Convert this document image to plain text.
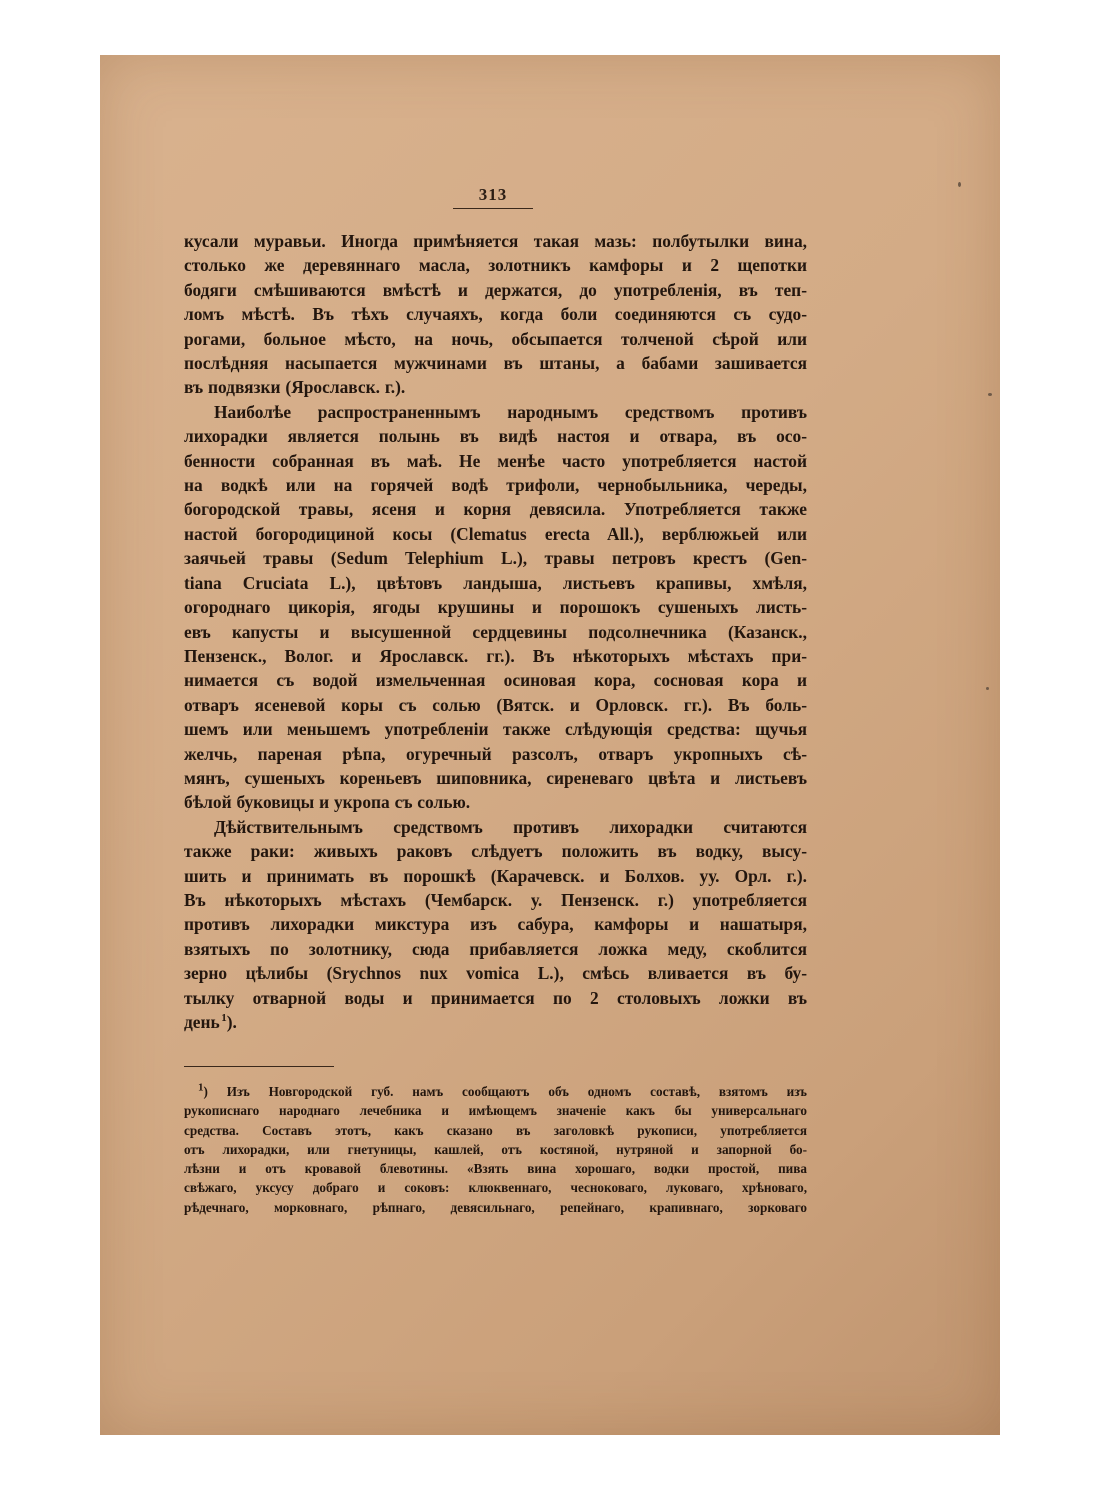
313

кусали муравьи. Иногда примѣняется такая мазь: полбутылки вина,
столько же деревяннаго масла, золотникъ камфоры и 2 щепотки
бодяги смѣшиваются вмѣстѣ и держатся, до употребленія, въ теп-
ломъ мѣстѣ. Въ тѣхъ случаяхъ, когда боли соединяются съ судо-
рогами, больное мѣсто, на ночь, обсыпается толченой сѣрой или
послѣдняя насыпается мужчинами въ штаны, а бабами зашивается
въ подвязки (Ярославск. г.).

Наиболѣе распространеннымъ народнымъ средствомъ противъ
лихорадки является полынь въ видѣ настоя и отвара, въ осо-
бенности собранная въ маѣ. Не менѣе часто употребляется настой
на водкѣ или на горячей водѣ трифоли, чернобыльника, череды,
богородской травы, ясеня и корня девясила. Употребляется также
настой богородициной косы (Clematus erecta All.), верблюжьей или
заячьей травы (Sedum Telephium L.), травы петровъ крестъ (Gen-
tiana Cruciata L.), цвѣтовъ ландыша, листьевъ крапивы, хмѣля,
огороднаго цикорія, ягоды крушины и порошокъ сушеныхъ листь-
евъ капусты и высушенной сердцевины подсолнечника (Казанск.,
Пензенск., Волог. и Ярославск. гг.). Въ нѣкоторыхъ мѣстахъ при-
нимается съ водой измельченная осиновая кора, сосновая кора и
отваръ ясеневой коры съ солью (Вятск. и Орловск. гг.). Въ боль-
шемъ или меньшемъ употребленіи также слѣдующія средства: щучья
желчь, пареная рѣпа, огуречный разсолъ, отваръ укропныхъ сѣ-
мянъ, сушеныхъ кореньевъ шиповника, сиреневаго цвѣта и листьевъ
бѣлой буковицы и укропа съ солью.

Дѣйствительнымъ средствомъ противъ лихорадки считаются
также раки: живыхъ раковъ слѣдуетъ положить въ водку, высу-
шить и принимать въ порошкѣ (Карачевск. и Болхов. уу. Орл. г.).
Въ нѣкоторыхъ мѣстахъ (Чембарск. у. Пензенск. г.) употребляется
противъ лихорадки микстура изъ сабура, камфоры и нашатыря,
взятыхъ по золотнику, сюда прибавляется ложка меду, скоблится
зерно цѣлибы (Srychnos nux vomica L.), смѣсь вливается въ бу-
тылку отварной воды и принимается по 2 столовыхъ ложки въ
день $^1$).

$^1$) Изъ Новгородской губ. намъ сообщаютъ объ одномъ составѣ, взятомъ изъ
рукописнаго народнаго лечебника и имѣющемъ значеніе какъ бы универсальнаго
средства. Составъ этотъ, какъ сказано въ заголовкѣ рукописи, употребляется
отъ лихорадки, или гнетуницы, кашлей, отъ костяной, нутряной и запорной бо-
лѣзни и отъ кровавой блевотины. «Взять вина хорошаго, водки простой, пива
свѣжаго, уксусу добраго и соковъ: клюквеннаго, чесноковаго, луковаго, хрѣноваго,
рѣдечнаго, морковнаго, рѣпнаго, девясильнаго, репейнаго, крапивнаго, зорковаго
